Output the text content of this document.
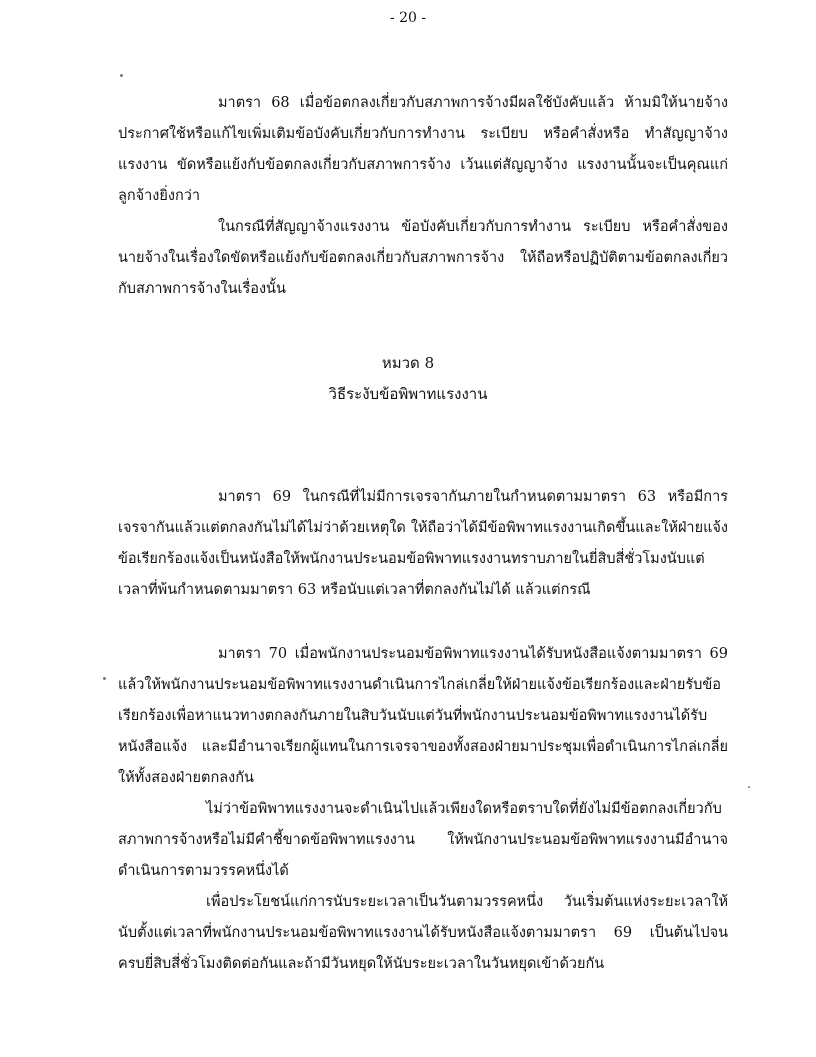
- 20 -

มาตรา 68 เมื่อข้อตกลงเกี่ยวกับสภาพการจ้างมีผลใช้บังคับแล้ว ห้ามมิให้นายจ้างประกาศใช้หรือแก้ไขเพิ่มเติมข้อบังคับเกี่ยวกับการทำงาน ระเบียบ หรือคำสั่งหรือ ทำสัญญาจ้างแรงงาน ขัดหรือแย้งกับข้อตกลงเกี่ยวกับสภาพการจ้าง เว้นแต่สัญญาจ้าง แรงงานนั้นจะเป็นคุณแก่ลูกจ้างยิ่งกว่า

ในกรณีที่สัญญาจ้างแรงงาน ข้อบังคับเกี่ยวกับการทำงาน ระเบียบ หรือคำสั่งของนายจ้างในเรื่องใดขัดหรือแย้งกับข้อตกลงเกี่ยวกับสภาพการจ้าง ให้ถือหรือปฏิบัติตามข้อตกลงเกี่ยวกับสภาพการจ้างในเรื่องนั้น

หมวด 8
วิธีระงับข้อพิพาทแรงงาน

มาตรา 69 ในกรณีที่ไม่มีการเจรจากันภายในกำหนดตามมาตรา 63 หรือมีการเจรจากันแล้วแต่ตกลงกันไม่ได้ไม่ว่าด้วยเหตุใด ให้ถือว่าได้มีข้อพิพาทแรงงานเกิดขึ้นและให้ฝ่ายแจ้งข้อเรียกร้องแจ้งเป็นหนังสือให้พนักงานประนอมข้อพิพาทแรงงานทราบภายในยี่สิบสี่ชั่วโมงนับแต่เวลาที่พ้นกำหนดตามมาตรา 63 หรือนับแต่เวลาที่ตกลงกันไม่ได้ แล้วแต่กรณี

มาตรา 70 เมื่อพนักงานประนอมข้อพิพาทแรงงานได้รับหนังสือแจ้งตามมาตรา 69 แล้วให้พนักงานประนอมข้อพิพาทแรงงานดำเนินการไกล่เกลี่ยให้ฝ่ายแจ้งข้อเรียกร้องและฝ่ายรับข้อเรียกร้องเพื่อหาแนวทางตกลงกันภายในสิบวันนับแต่วันที่พนักงานประนอมข้อพิพาทแรงงานได้รับหนังสือแจ้ง และมีอำนาจเรียกผู้แทนในการเจรจาของทั้งสองฝ่ายมาประชุมเพื่อดำเนินการไกล่เกลี่ยให้ทั้งสองฝ่ายตกลงกัน

ไม่ว่าข้อพิพาทแรงงานจะดำเนินไปแล้วเพียงใดหรือตราบใดที่ยังไม่มีข้อตกลงเกี่ยวกับสภาพการจ้างหรือไม่มีคำชี้ขาดข้อพิพาทแรงงาน ให้พนักงานประนอมข้อพิพาทแรงงานมีอำนาจดำเนินการตามวรรคหนึ่งได้

เพื่อประโยชน์แก่การนับระยะเวลาเป็นวันตามวรรคหนึ่ง วันเริ่มต้นแห่งระยะเวลาให้นับตั้งแต่เวลาที่พนักงานประนอมข้อพิพาทแรงงานได้รับหนังสือแจ้งตามมาตรา 69 เป็นต้นไปจนครบยี่สิบสี่ชั่วโมงติดต่อกันและถ้ามีวันหยุดให้นับระยะเวลาในวันหยุดเข้าด้วยกัน
